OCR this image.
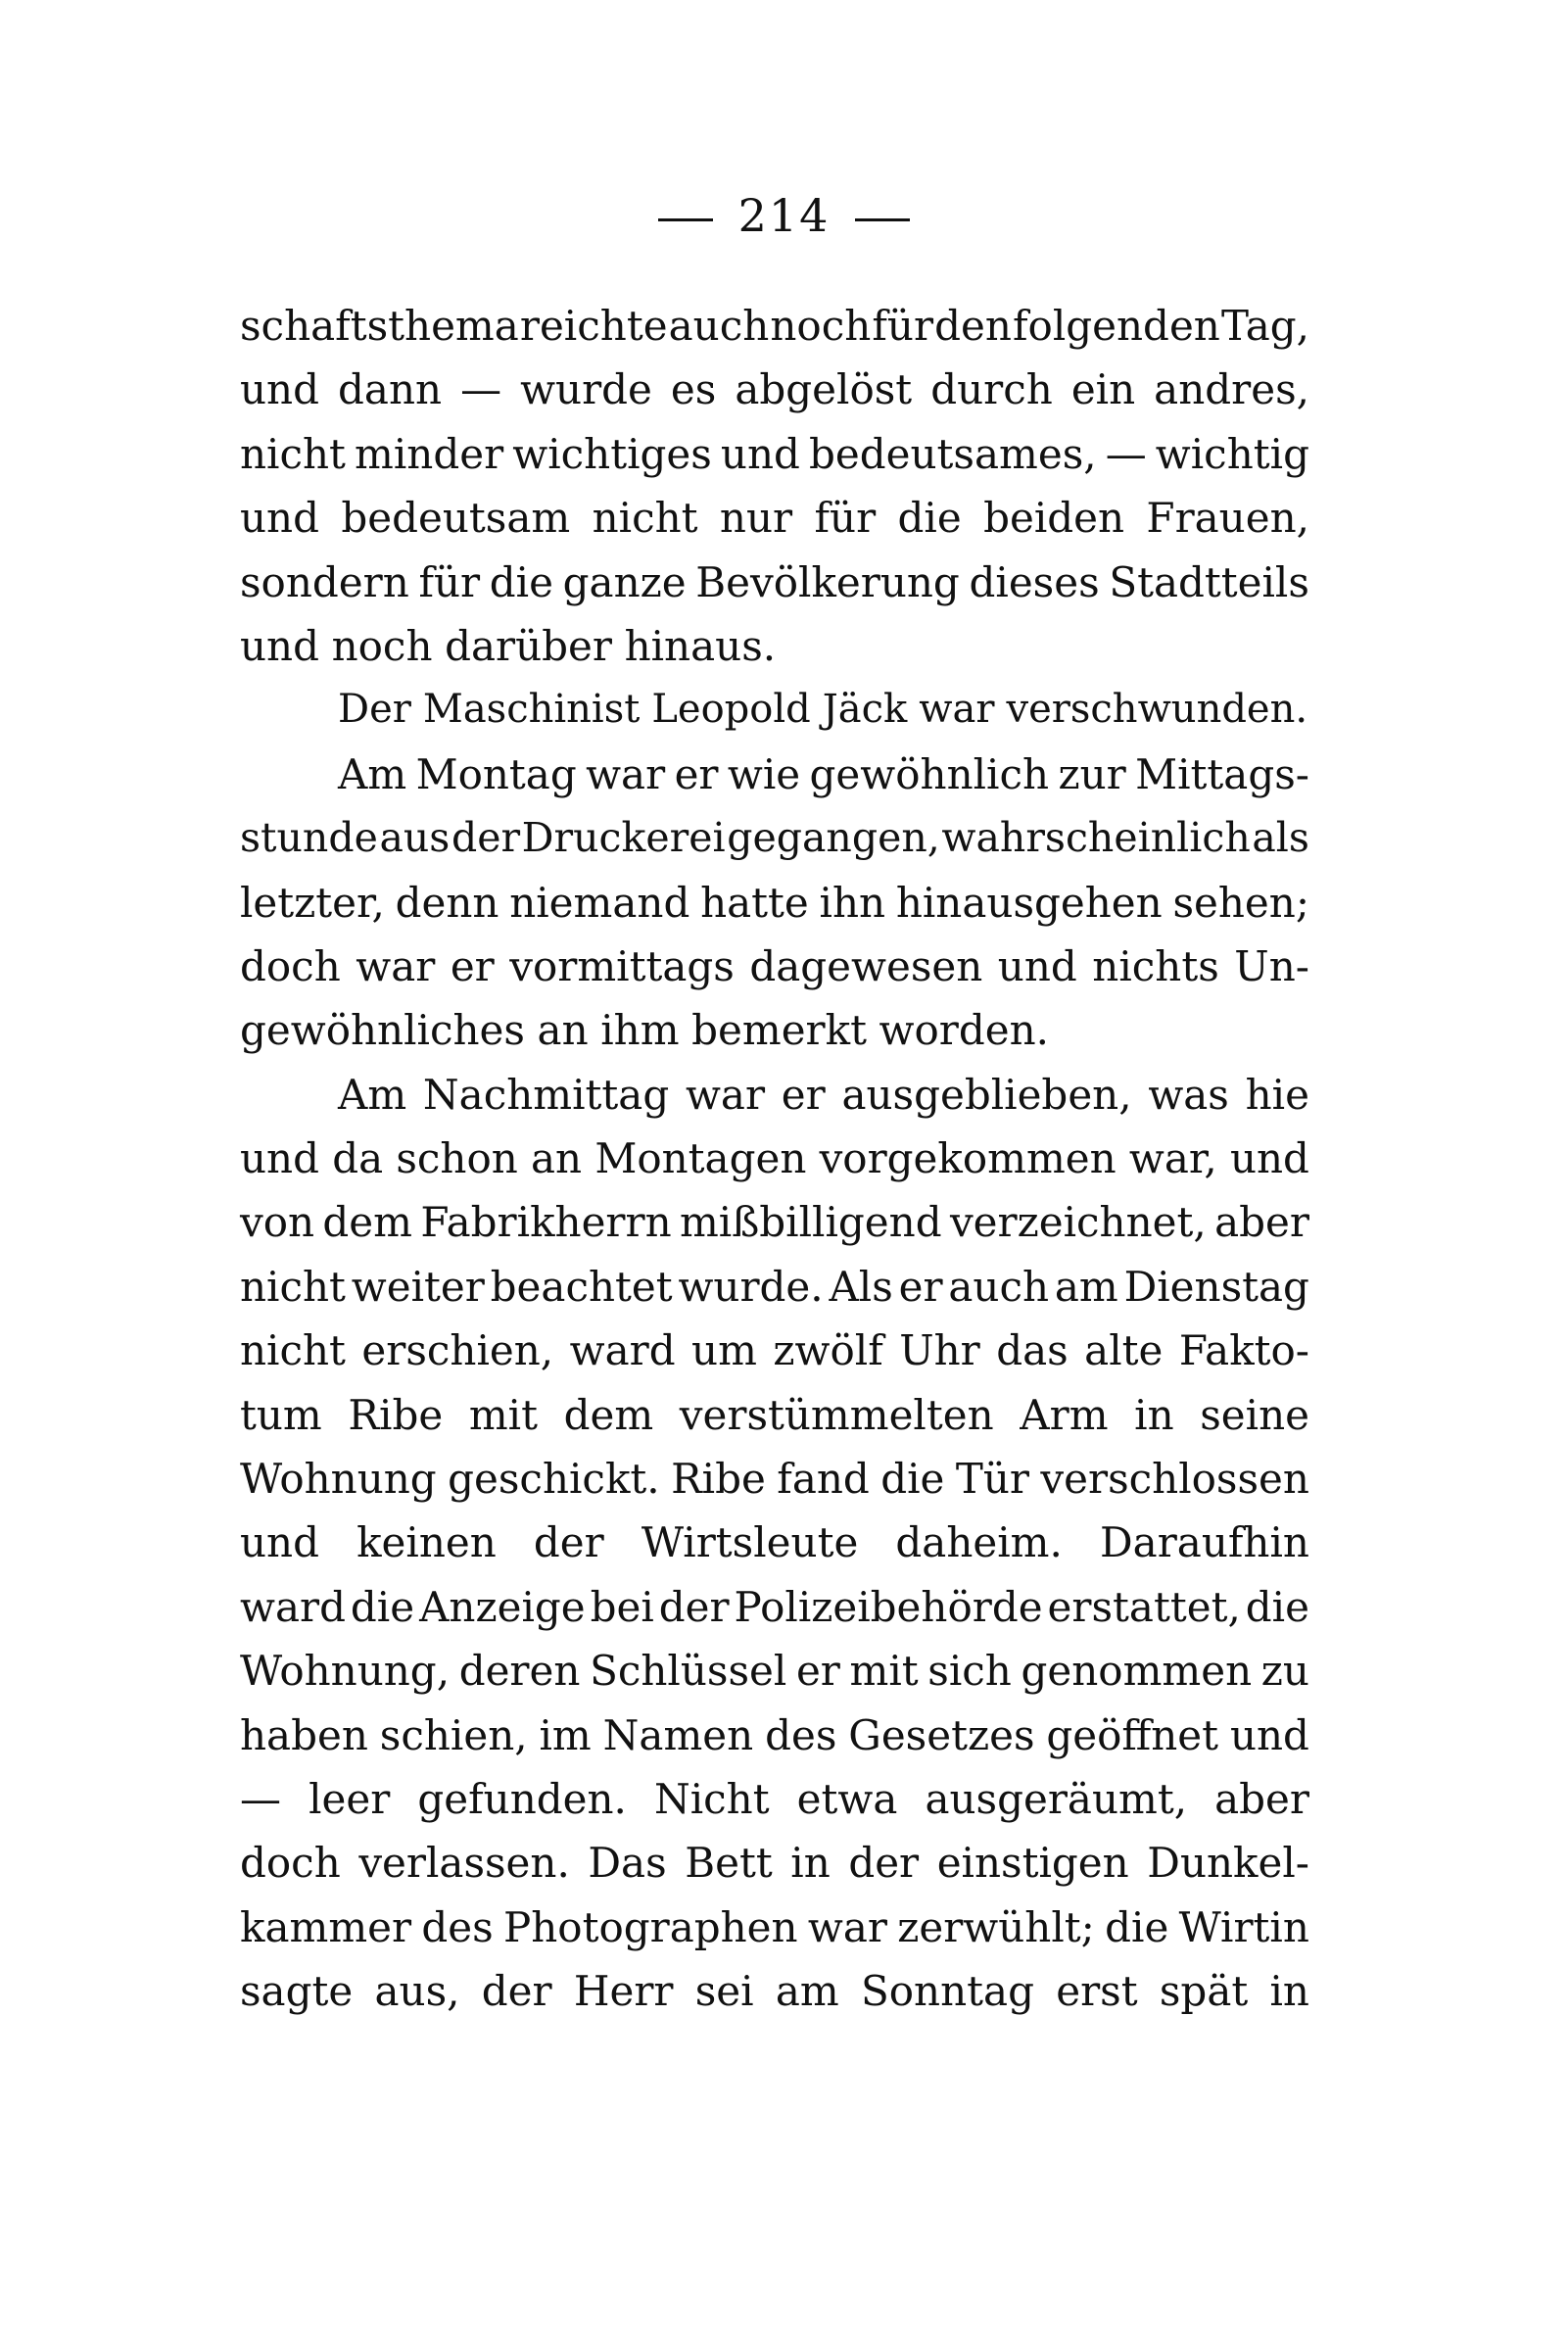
214
schaftsthema reichte auch noch für den folgenden Tag,
und dann — wurde es abgelöst durch ein andres,
nicht minder wichtiges und bedeutsames, — wichtig
und bedeutsam nicht nur für die beiden Frauen,
sondern für die ganze Bevölkerung dieses Stadtteils
und noch darüber hinaus.
Der Maschinist Leopold Jäck war verschwunden.
Am Montag war er wie gewöhnlich zur Mittags-
stunde aus der Druckerei gegangen, wahrscheinlich als
letzter, denn niemand hatte ihn hinausgehen sehen;
doch war er vormittags dagewesen und nichts Un-
gewöhnliches an ihm bemerkt worden.
Am Nachmittag war er ausgeblieben, was hie
und da schon an Montagen vorgekommen war, und
von dem Fabrikherrn mißbilligend verzeichnet, aber
nicht weiter beachtet wurde. Als er auch am Dienstag
nicht erschien, ward um zwölf Uhr das alte Fakto-
tum Ribe mit dem verstümmelten Arm in seine
Wohnung geschickt. Ribe fand die Tür verschlossen
und keinen der Wirtsleute daheim. Daraufhin
ward die Anzeige bei der Polizeibehörde erstattet, die
Wohnung, deren Schlüssel er mit sich genommen zu
haben schien, im Namen des Gesetzes geöffnet und
— leer gefunden. Nicht etwa ausgeräumt, aber
doch verlassen. Das Bett in der einstigen Dunkel-
kammer des Photographen war zerwühlt; die Wirtin
sagte aus, der Herr sei am Sonntag erst spät in
